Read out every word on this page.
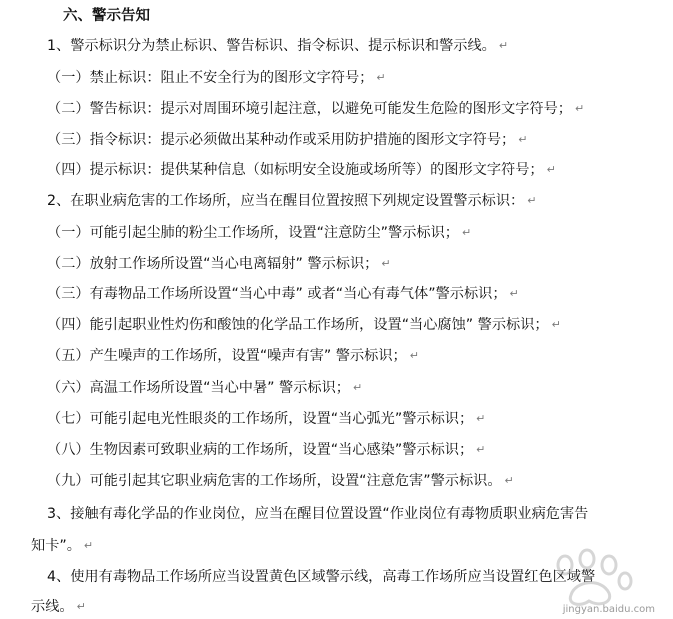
六、警示告知
1、警示标识分为禁止标识、警告标识、指令标识、提示标识和警示线。 ↵
（一）禁止标识：阻止不安全行为的图形文字符号； ↵
（二）警告标识：提示对周围环境引起注意，以避免可能发生危险的图形文字符号； ↵
（三）指令标识：提示必须做出某种动作或采用防护措施的图形文字符号； ↵
（四）提示标识：提供某种信息（如标明安全设施或场所等）的图形文字符号； ↵
2、在职业病危害的工作场所，应当在醒目位置按照下列规定设置警示标识： ↵
（一）可能引起尘肺的粉尘工作场所，设置“注意防尘”警示标识； ↵
（二）放射工作场所设置“当心电离辐射” 警示标识； ↵
（三）有毒物品工作场所设置“当心中毒” 或者“当心有毒气体”警示标识； ↵
（四）能引起职业性灼伤和酸蚀的化学品工作场所，设置“当心腐蚀” 警示标识； ↵
（五）产生噪声的工作场所，设置“噪声有害” 警示标识； ↵
（六）高温工作场所设置“当心中暑” 警示标识； ↵
（七）可能引起电光性眼炎的工作场所，设置“当心弧光”警示标识； ↵
（八）生物因素可致职业病的工作场所，设置“当心感染”警示标识； ↵
（九）可能引起其它职业病危害的工作场所，设置“注意危害”警示标识。 ↵
3、接触有毒化学品的作业岗位，应当在醒目位置设置“作业岗位有毒物质职业病危害告
知卡”。 ↵
4、使用有毒物品工作场所应当设置黄色区域警示线，高毒工作场所应当设置红色区域警
示线。 ↵	jingyan.baidu.com
